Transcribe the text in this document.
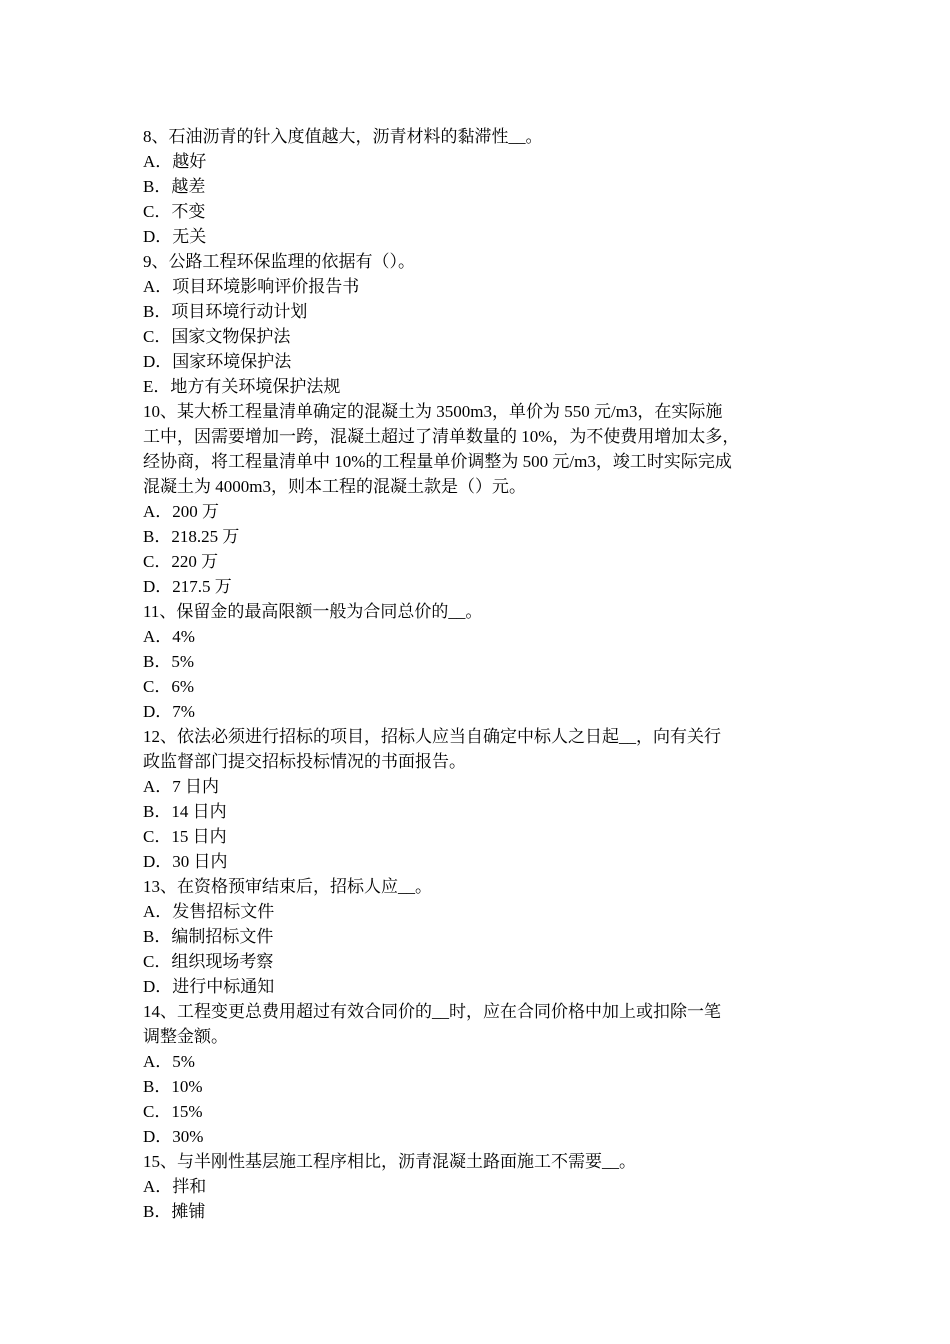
8、石油沥青的针入度值越大，沥青材料的黏滞性__。
A．越好
B．越差
C．不变
D．无关
9、公路工程环保监理的依据有（）。
A．项目环境影响评价报告书
B．项目环境行动计划
C．国家文物保护法
D．国家环境保护法
E．地方有关环境保护法规
10、某大桥工程量清单确定的混凝土为 3500m3，单价为 550 元/m3，在实际施
工中，因需要增加一跨，混凝土超过了清单数量的 10%，为不使费用增加太多，
经协商，将工程量清单中 10%的工程量单价调整为 500 元/m3，竣工时实际完成
混凝土为 4000m3，则本工程的混凝土款是（）元。
A．200 万
B．218.25 万
C．220 万
D．217.5 万
11、保留金的最高限额一般为合同总价的__。
A．4%
B．5%
C．6%
D．7%
12、依法必须进行招标的项目，招标人应当自确定中标人之日起__，向有关行
政监督部门提交招标投标情况的书面报告。
A．7 日内
B．14 日内
C．15 日内
D．30 日内
13、在资格预审结束后，招标人应__。
A．发售招标文件
B．编制招标文件
C．组织现场考察
D．进行中标通知
14、工程变更总费用超过有效合同价的__时，应在合同价格中加上或扣除一笔
调整金额。
A．5%
B．10%
C．15%
D．30%
15、与半刚性基层施工程序相比，沥青混凝土路面施工不需要__。
A．拌和
B．摊铺
